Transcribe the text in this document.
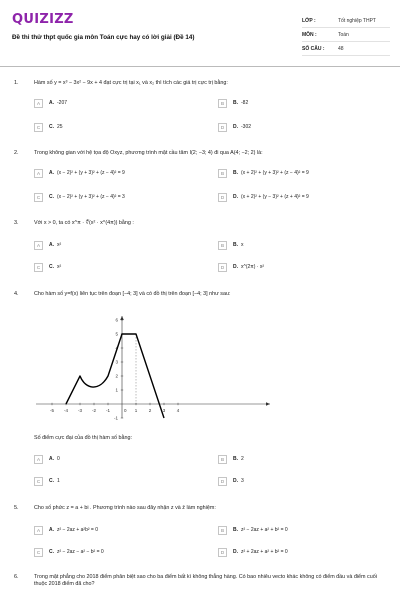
QUIZIZZ
Đề thi thử thpt quốc gia môn Toán cực hay có lời giải (Đề 14)
LỚP :	Tốt nghiệp THPT
MÔN :	Toán
SỐ CÂU :	48
1.	Hàm số y = x³ − 3x² − 9x + 4 đạt cực trị tại x₁ và x₂ thì tích các giá trị cực trị bằng:
A	A. -207	B	B. -82
C	C. 25	D	D. -302
2.	Trong không gian với hệ tọa độ Oxyz, phương trình mặt cầu tâm I(2; −3; 4) đi qua A(4; −2; 2) là:
A	A. (x − 2)² + (y + 3)² + (z − 4)² = 9	B	B. (x + 2)² + (y + 3)² + (z − 4)² = 9
C	C. (x − 2)² + (y + 3)² + (z − 4)² = 3	D	D. (x + 2)² + (y − 3)² + (z + 4)² = 9
3.	Với x > 0, ta có x^π · ∜(x² · x^(4π)) bằng :
A	A. x²	B	B. x
C	C. x²	D	D. x^(2π) · x²
4.	Cho hàm số y=f(x) liên tục trên đoạn [−4; 3] và có đồ thị trên đoạn [−4; 3] như sau:
Số điểm cực đại của đồ thị hàm số bằng:
A	A. 0	B	B. 2
C	C. 1	D	D. 3
-5 -4 -3 -2 -1	1	2	3	4
6
5
4
3
2
1
-1
0
5.	Cho số phức z = a + bi . Phương trình nào sau đây nhận z và z̄ làm nghiệm:
A	A. z² − 2az + a²b² = 0	B	B. z² − 2az + a² + b² = 0
C	C. z² − 2az − a² − b² = 0	D	D. z² + 2az + a² + b² = 0
6.	Trong mặt phẳng cho 2018 điểm phân biệt sao cho ba điểm bất kì không thẳng hàng. Có bao nhiêu vecto khác không có điểm đầu và điểm cuối thuộc 2018 điểm đã cho?
